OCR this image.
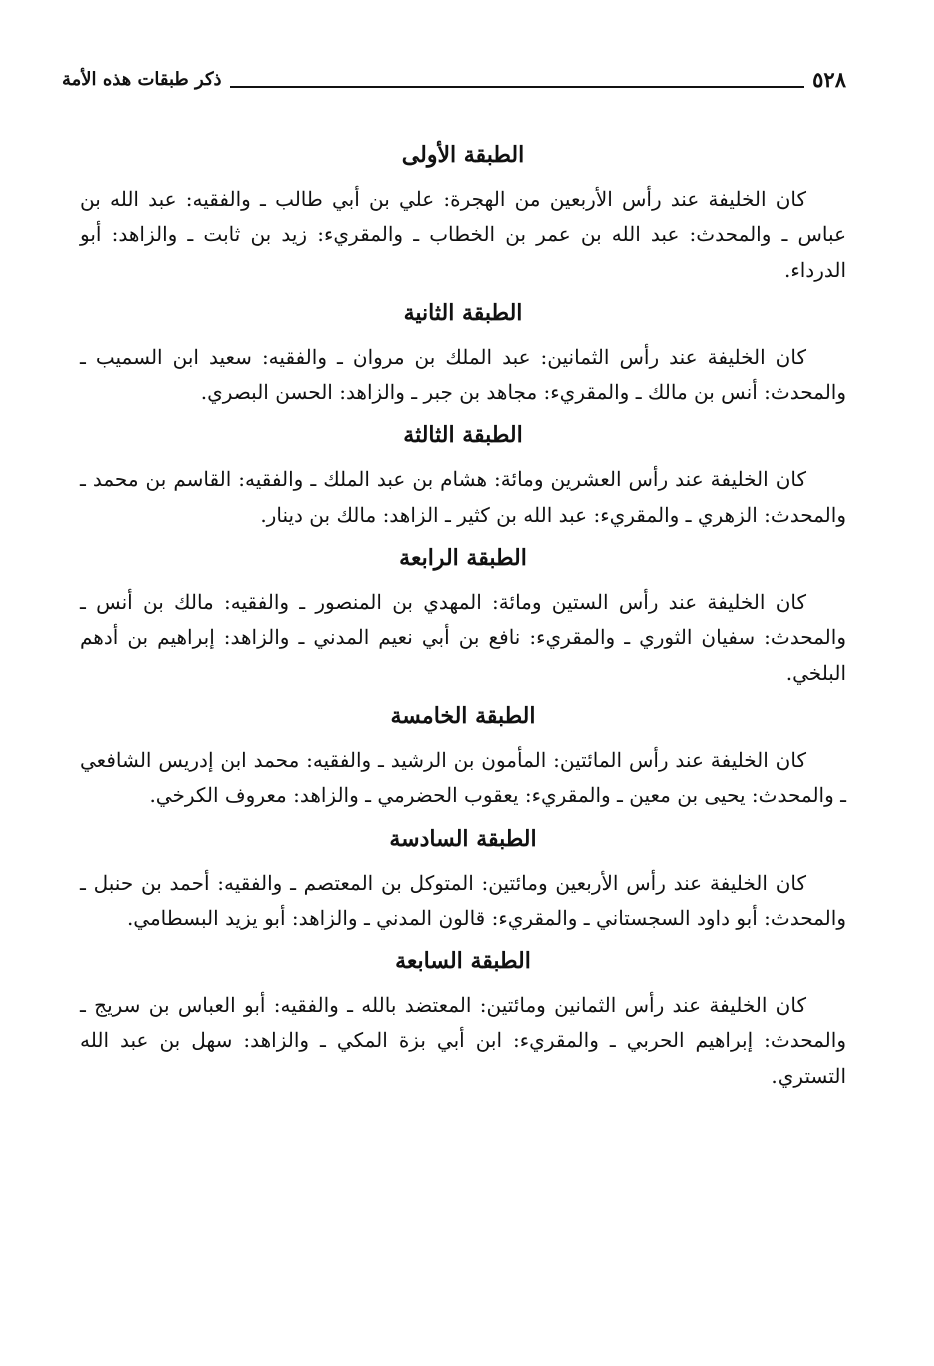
٥٢٨
ذكر طبقات هذه الأمة
الطبقة الأولى

كان الخليفة عند رأس الأربعين من الهجرة: علي بن أبي طالب ـ والفقيه: عبد الله بن عباس ـ والمحدث: عبد الله بن عمر بن الخطاب ـ والمقريء: زيد بن ثابت ـ والزاهد: أبو الدرداء.

الطبقة الثانية

كان الخليفة عند رأس الثمانين: عبد الملك بن مروان ـ والفقيه: سعيد ابن السميب ـ والمحدث: أنس بن مالك ـ والمقريء: مجاهد بن جبر ـ والزاهد: الحسن البصري.

الطبقة الثالثة

كان الخليفة عند رأس العشرين ومائة: هشام بن عبد الملك ـ والفقيه: القاسم بن محمد ـ والمحدث: الزهري ـ والمقريء: عبد الله بن كثير ـ الزاهد: مالك بن دينار.

الطبقة الرابعة

كان الخليفة عند رأس الستين ومائة: المهدي بن المنصور ـ والفقيه: مالك بن أنس ـ والمحدث: سفيان الثوري ـ والمقريء: نافع بن أبي نعيم المدني ـ والزاهد: إبراهيم بن أدهم البلخي.

الطبقة الخامسة

كان الخليفة عند رأس المائتين: المأمون بن الرشيد ـ والفقيه: محمد ابن إدريس الشافعي ـ والمحدث: يحيى بن معين ـ والمقريء: يعقوب الحضرمي ـ والزاهد: معروف الكرخي.

الطبقة السادسة

كان الخليفة عند رأس الأربعين ومائتين: المتوكل بن المعتصم ـ والفقيه: أحمد بن حنبل ـ والمحدث: أبو داود السجستاني ـ والمقريء: قالون المدني ـ والزاهد: أبو يزيد البسطامي.

الطبقة السابعة

كان الخليفة عند رأس الثمانين ومائتين: المعتضد بالله ـ والفقيه: أبو العباس بن سريج ـ والمحدث: إبراهيم الحربي ـ والمقريء: ابن أبي بزة المكي ـ والزاهد: سهل بن عبد الله التستري.
